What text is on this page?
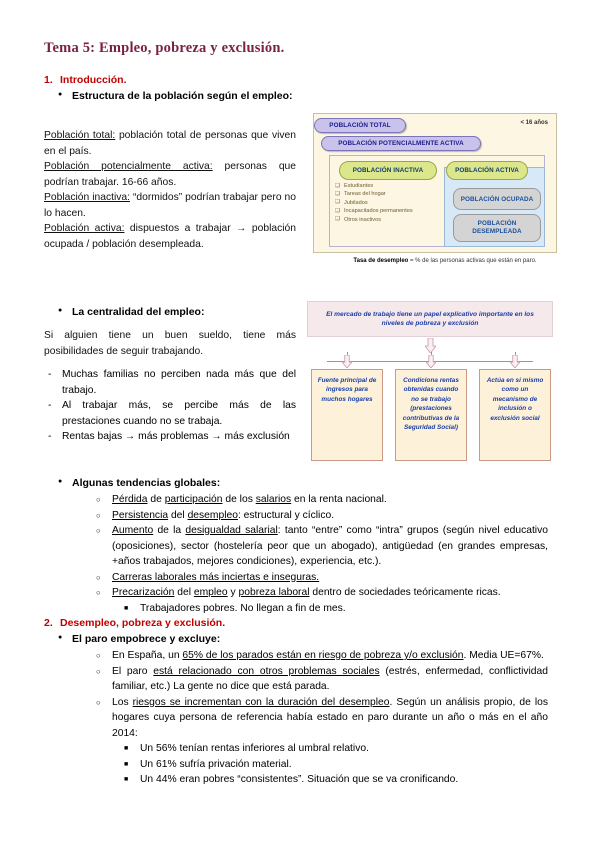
Tema 5: Empleo, pobreza y exclusión.
1. Introducción.
● Estructura de la población según el empleo:
Población total: población total de personas que viven en el país.
Población potencialmente activa: personas que podrían trabajar. 16-66 años.
Población inactiva: “dormidos” podrían trabajar pero no lo hacen.
Población activa: dispuestos a trabajar → población ocupada / población desempleada.
< 16 años
POBLACIÓN TOTAL
POBLACIÓN POTENCIALMENTE ACTIVA
POBLACIÓN INACTIVA	POBLACIÓN ACTIVA
POBLACIÓN OCUPADA
POBLACIÓN
DESEMPLEADA
❑ Estudiantes
❑ Tareas del hogar
❑ Jubilados
❑ Incapacitados permanentes
❑ Otros inactivos
Tasa de desempleo = % de las personas activas que están en paro.
● La centralidad del empleo:
Si alguien tiene un buen sueldo, tiene más posibilidades de seguir trabajando.
- Muchas familias no perciben nada más que del trabajo.
- Al trabajar más, se percibe más de las prestaciones cuando no se trabaja.
- Rentas bajas → más problemas → más exclusión
El mercado de trabajo tiene un papel explicativo importante en los niveles de pobreza y exclusión
Fuente principal de ingresos para muchos hogares
Condiciona rentas obtenidas cuando no se trabajo (prestaciones contributivas de la Seguridad Social)
Actúa en sí mismo como un mecanismo de inclusión o exclusión social
● Algunas tendencias globales:
○ Pérdida de participación de los salarios en la renta nacional.
○ Persistencia del desempleo: estructural y cíclico.
○ Aumento de la desigualdad salarial: tanto “entre” como “intra” grupos (según nivel educativo (oposiciones), sector (hostelería peor que un abogado), antigüedad (en grandes empresas, +años trabajados, mejores condiciones), experiencia, etc.).
○ Carreras laborales más inciertas e inseguras.
○ Precarización del empleo y pobreza laboral dentro de sociedades teóricamente ricas.
■ Trabajadores pobres. No llegan a fin de mes.
2. Desempleo, pobreza y exclusión.
● El paro empobrece y excluye:
○ En España, un 65% de los parados están en riesgo de pobreza y/o exclusión. Media UE=67%.
○ El paro está relacionado con otros problemas sociales (estrés, enfermedad, conflictividad familiar, etc.) La gente no dice que está parada.
○ Los riesgos se incrementan con la duración del desempleo. Según un análisis propio, de los hogares cuya persona de referencia había estado en paro durante un año o más en el año 2014:
■ Un 56% tenían rentas inferiores al umbral relativo.
■ Un 61% sufría privación material.
■ Un 44% eran pobres “consistentes”. Situación que se va cronificando.
